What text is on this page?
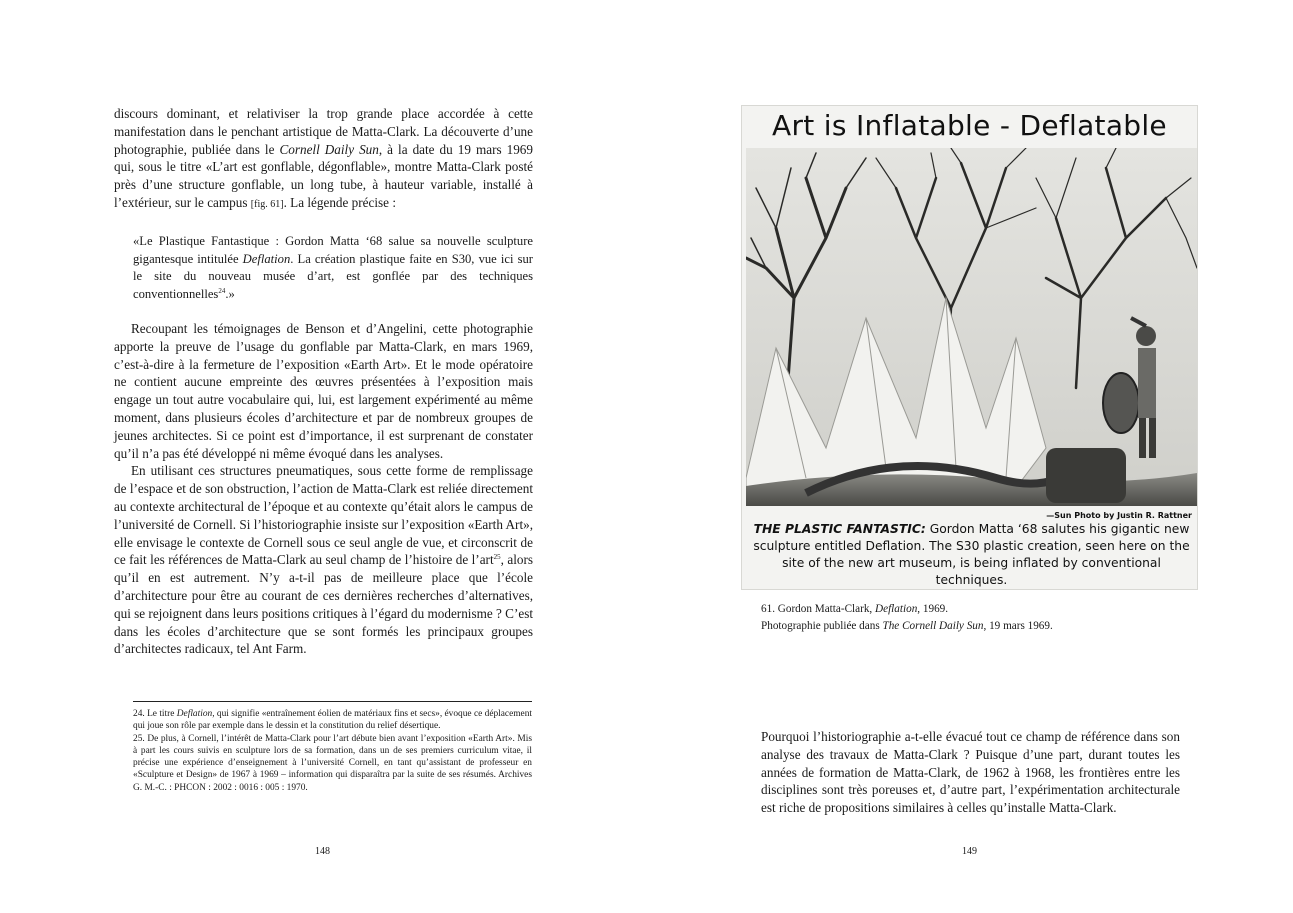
discours dominant, et relativiser la trop grande place accordée à cette manifestation dans le penchant artistique de Matta-Clark. La découverte d’une photographie, publiée dans le Cornell Daily Sun, à la date du 19 mars 1969 qui, sous le titre «L’art est gonflable, dégonflable», montre Matta-Clark posté près d’une structure gonflable, un long tube, à hauteur variable, installé à l’extérieur, sur le campus [fig. 61]. La légende précise :

«Le Plastique Fantastique : Gordon Matta ‘68 salue sa nouvelle sculpture gigantesque intitulée Deflation. La création plastique faite en S30, vue ici sur le site du nouveau musée d’art, est gonflée par des techniques conventionnelles$^{24}$.»

Recoupant les témoignages de Benson et d’Angelini, cette photographie apporte la preuve de l’usage du gonflable par Matta-Clark, en mars 1969, c’est-à-dire à la fermeture de l’exposition «Earth Art». Et le mode opératoire ne contient aucune empreinte des œuvres présentées à l’exposition mais engage un tout autre vocabulaire qui, lui, est largement expérimenté au même moment, dans plusieurs écoles d’architecture et par de nombreux groupes de jeunes architectes. Si ce point est d’importance, il est surprenant de constater qu’il n’a pas été développé ni même évoqué dans les analyses.

En utilisant ces structures pneumatiques, sous cette forme de remplissage de l’espace et de son obstruction, l’action de Matta-Clark est reliée directement au contexte architectural de l’époque et au contexte qu’était alors le campus de l’université de Cornell. Si l’historiographie insiste sur l’exposition «Earth Art», elle envisage le contexte de Cornell sous ce seul angle de vue, et circonscrit de ce fait les références de Matta-Clark au seul champ de l’histoire de l’art$^{25}$, alors qu’il en est autrement. N’y a-t-il pas de meilleure place que l’école d’architecture pour être au courant de ces dernières recherches d’alternatives, qui se rejoignent dans leurs positions critiques à l’égard du modernisme ? C’est dans les écoles d’architecture que se sont formés les principaux groupes d’architectes radicaux, tel Ant Farm.

24. Le titre Deflation, qui signifie «entraînement éolien de matériaux fins et secs», évoque ce déplacement qui joue son rôle par exemple dans le dessin et la constitution du relief désertique.

25. De plus, à Cornell, l’intérêt de Matta-Clark pour l’art débute bien avant l’exposition «Earth Art». Mis à part les cours suivis en sculpture lors de sa formation, dans un de ses premiers curriculum vitae, il précise une expérience d’enseignement à l’université Cornell, en tant qu’assistant de professeur en «Sculpture et Design» de 1967 à 1969 – information qui disparaîtra par la suite de ses résumés. Archives G. M.-C. : PHCON : 2002 : 0016 : 005 : 1970.

148
Art is Inflatable - Deflatable
—Sun Photo by Justin R. Rattner
THE PLASTIC FANTASTIC: Gordon Matta ‘68 salutes his gigantic new sculpture entitled Deflation. The S30 plastic creation, seen here on the site of the new art museum, is being inflated by conventional techniques.
61. Gordon Matta-Clark, Deflation, 1969.
Photographie publiée dans The Cornell Daily Sun, 19 mars 1969.

Pourquoi l’historiographie a-t-elle évacué tout ce champ de référence dans son analyse des travaux de Matta-Clark ? Puisque d’une part, durant toutes les années de formation de Matta-Clark, de 1962 à 1968, les frontières entre les disciplines sont très poreuses et, d’autre part, l’expérimentation architecturale est riche de propositions similaires à celles qu’installe Matta-Clark.

149
